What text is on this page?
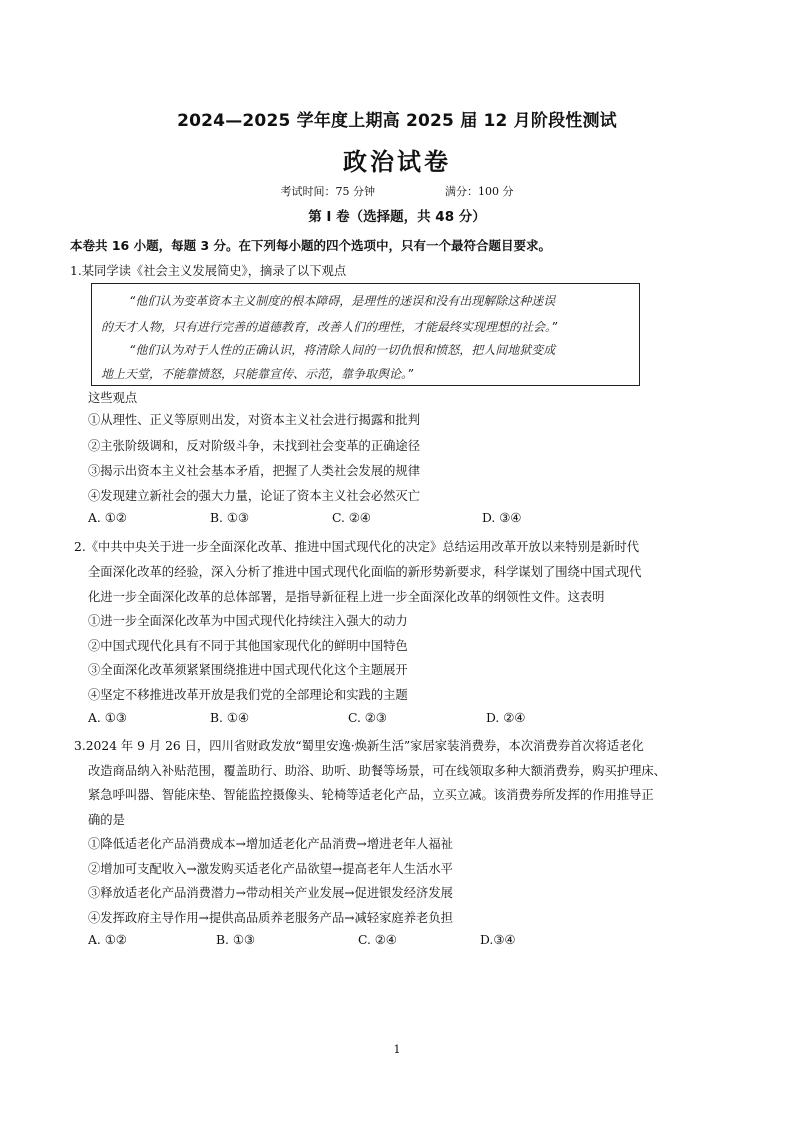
2024—2025 学年度上期高 2025 届 12 月阶段性测试
政治试卷
考试时间：75 分钟	满分：100 分
第 I 卷（选择题，共 48 分）
本卷共 16 小题，每题 3 分。在下列每小题的四个选项中，只有一个最符合题目要求。
1.某同学读《社会主义发展简史》，摘录了以下观点
“他们认为变革资本主义制度的根本障碍，是理性的迷误和没有出现解除这种迷误
的天才人物，只有进行完善的道德教育，改善人们的理性，才能最终实现理想的社会。”
“他们认为对于人性的正确认识，将清除人间的一切仇恨和愤怒，把人间地狱变成
地上天堂，不能靠愤怒，只能靠宣传、示范，靠争取舆论。”
这些观点
①从理性、正义等原则出发，对资本主义社会进行揭露和批判
②主张阶级调和，反对阶级斗争，未找到社会变革的正确途径
③揭示出资本主义社会基本矛盾，把握了人类社会发展的规律
④发现建立新社会的强大力量，论证了资本主义社会必然灭亡
A. ①②	B. ①③	C. ②④	D. ③④
2.《中共中央关于进一步全面深化改革、推进中国式现代化的决定》总结运用改革开放以来特别是新时代
全面深化改革的经验，深入分析了推进中国式现代化面临的新形势新要求，科学谋划了围绕中国式现代
化进一步全面深化改革的总体部署，是指导新征程上进一步全面深化改革的纲领性文件。这表明
①进一步全面深化改革为中国式现代化持续注入强大的动力
②中国式现代化具有不同于其他国家现代化的鲜明中国特色
③全面深化改革须紧紧围绕推进中国式现代化这个主题展开
④坚定不移推进改革开放是我们党的全部理论和实践的主题
A. ①③	B. ①④	C. ②③	D. ②④
3.2024 年 9 月 26 日，四川省财政发放“蜀里安逸·焕新生活”家居家装消费券，本次消费券首次将适老化
改造商品纳入补贴范围，覆盖助行、助浴、助听、助餐等场景，可在线领取多种大额消费券，购买护理床、
紧急呼叫器、智能床垫、智能监控摄像头、轮椅等适老化产品，立买立减。该消费券所发挥的作用推导正
确的是
①降低适老化产品消费成本→增加适老化产品消费→增进老年人福祉
②增加可支配收入→激发购买适老化产品欲望→提高老年人生活水平
③释放适老化产品消费潜力→带动相关产业发展→促进银发经济发展
④发挥政府主导作用→提供高品质养老服务产品→减轻家庭养老负担
A. ①②	B. ①③	C. ②④	D.③④
1
